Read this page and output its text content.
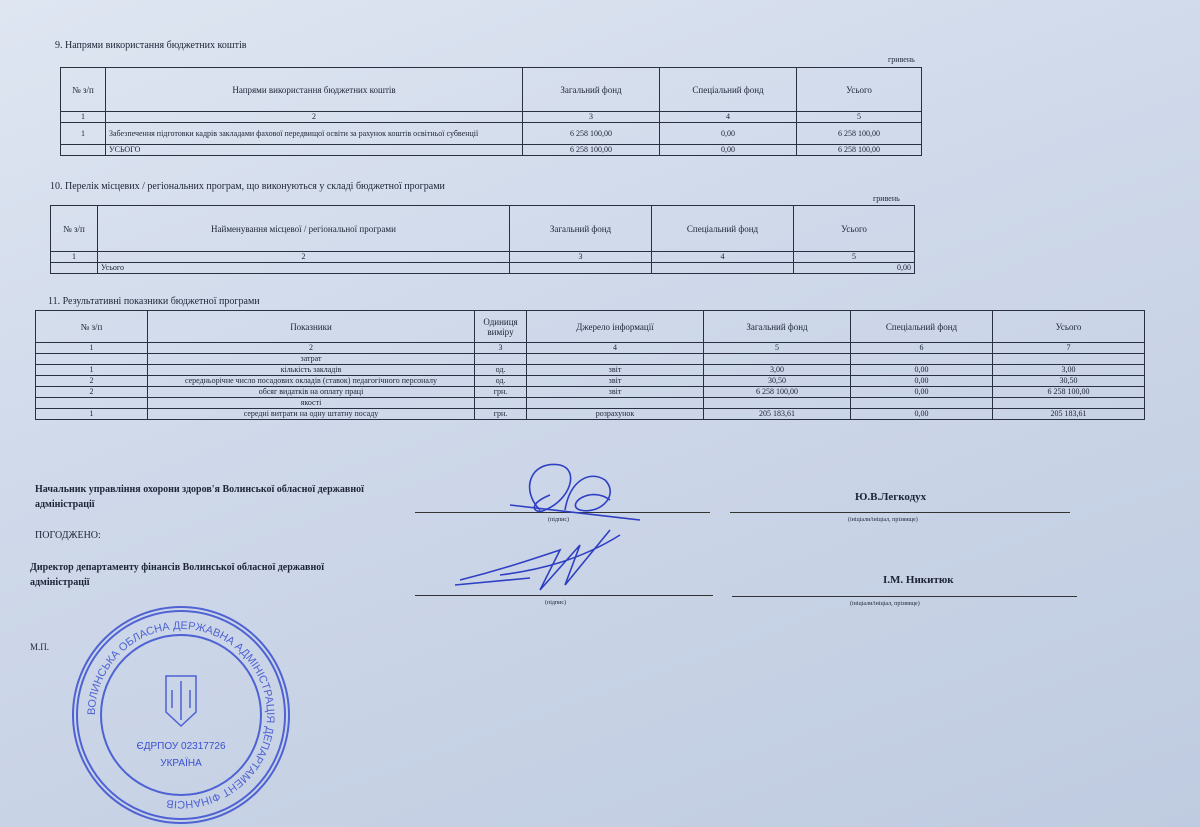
9. Напрями використання бюджетних коштів
гривень
№ з/п	Напрями використання бюджетних коштів	Загальний фонд	Спеціальний фонд	Усього
1	2	3	4	5
1	Забезпечення підготовки кадрів закладами фахової передвищої освіти за рахунок коштів освітньої субвенції	6 258 100,00	0,00	6 258 100,00
	УСЬОГО	6 258 100,00	0,00	6 258 100,00
10. Перелік місцевих / регіональних програм, що виконуються у складі бюджетної програми
гривень
№ з/п	Найменування місцевої / регіональної програми	Загальний фонд	Спеціальний фонд	Усього
1	2	3	4	5
	Усього			0,00
11. Результативні показники бюджетної програми
№ з/п	Показники	Одиниця виміру	Джерело інформації	Загальний фонд	Спеціальний фонд	Усього
1	2	3	4	5	6	7
	затрат					
1	кількість закладів	од.	звіт	3,00	0,00	3,00
2	середньорічне число посадових окладів (ставок) педагогічного персоналу	од.	звіт	30,50	0,00	30,50
2	обсяг видатків на оплату праці	грн.	звіт	6 258 100,00	0,00	6 258 100,00
	якості					
1	середні витрати на одну штатну посаду	грн.	розрахунок	205 183,61	0,00	205 183,61
Начальник управління охорони здоров'я Волинської обласної державної адміністрації
(підпис)
Ю.В.Легкодух
(ініціали/ініціал, прізвище)
ПОГОДЖЕНО:
Директор департаменту фінансів Волинської обласної державної адміністрації
(підпис)
І.М. Никитюк
(ініціали/ініціал, прізвище)
М.П.
ВОЛИНСЬКА ОБЛАСНА ДЕРЖАВНА АДМІНІСТРАЦІЯ ДЕПАРТАМЕНТ ФІНАНСІВ
ЄДРПОУ 02317726
УКРАЇНА
